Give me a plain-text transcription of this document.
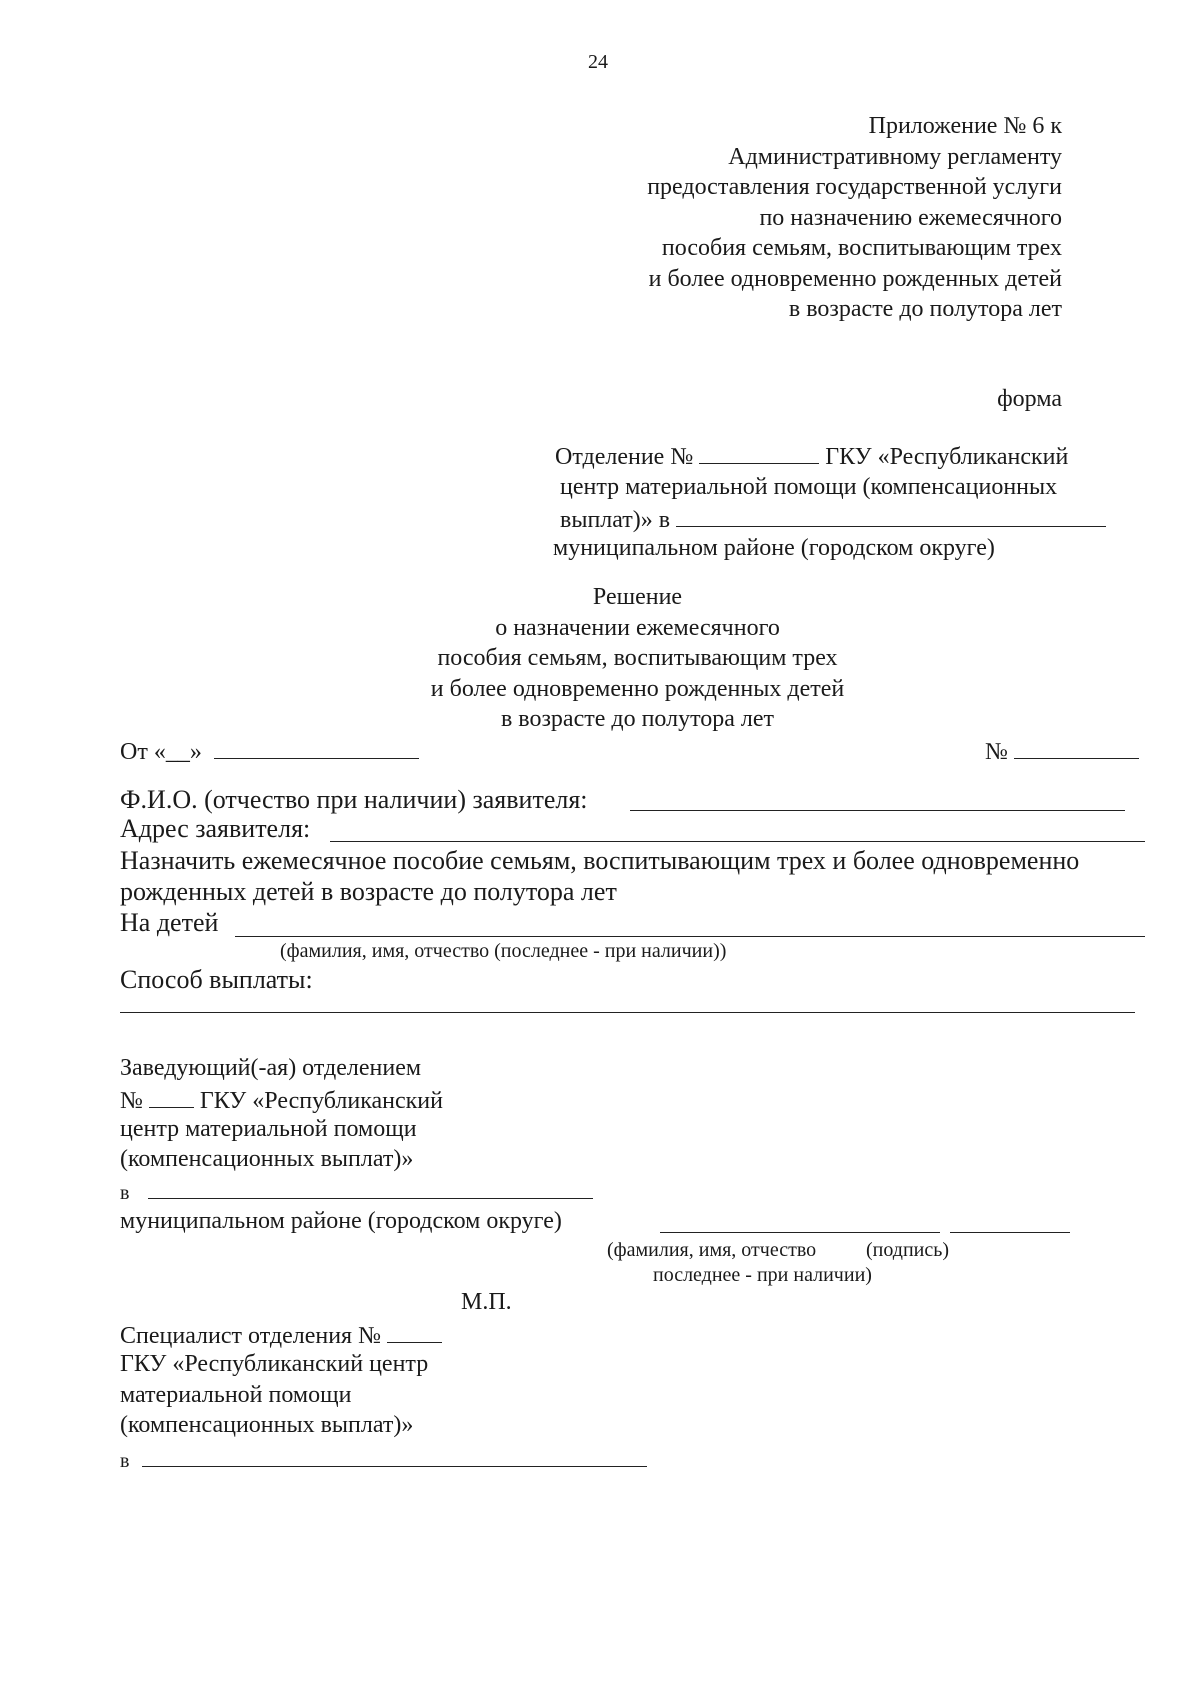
24
Приложение № 6 к
Административному регламенту
предоставления государственной услуги
по назначению ежемесячного
пособия семьям, воспитывающим трех
и более одновременно рожденных детей
в возрасте до полутора лет
форма
Отделение №	ГКУ «Республиканский
центр материальной помощи (компенсационных
выплат)» в
муниципальном районе (городском округе)
Решение
о назначении ежемесячного
пособия семьям, воспитывающим трех
и более одновременно рожденных детей
в возрасте до полутора лет
От «__»	№
Ф.И.О. (отчество при наличии) заявителя:
Адрес заявителя:
Назначить ежемесячное пособие семьям, воспитывающим трех и более одновременно
рожденных детей в возрасте до полутора лет
На детей
(фамилия, имя, отчество (последнее - при наличии))
Способ выплаты:
Заведующий(-ая) отделением
№ ГКУ «Республиканский
центр материальной помощи
(компенсационных выплат)»
в
муниципальном районе (городском округе)
(фамилия, имя, отчество (подпись)
последнее - при наличии)
М.П.
Специалист отделения №
ГКУ «Республиканский центр
материальной помощи
(компенсационных выплат)»
в
